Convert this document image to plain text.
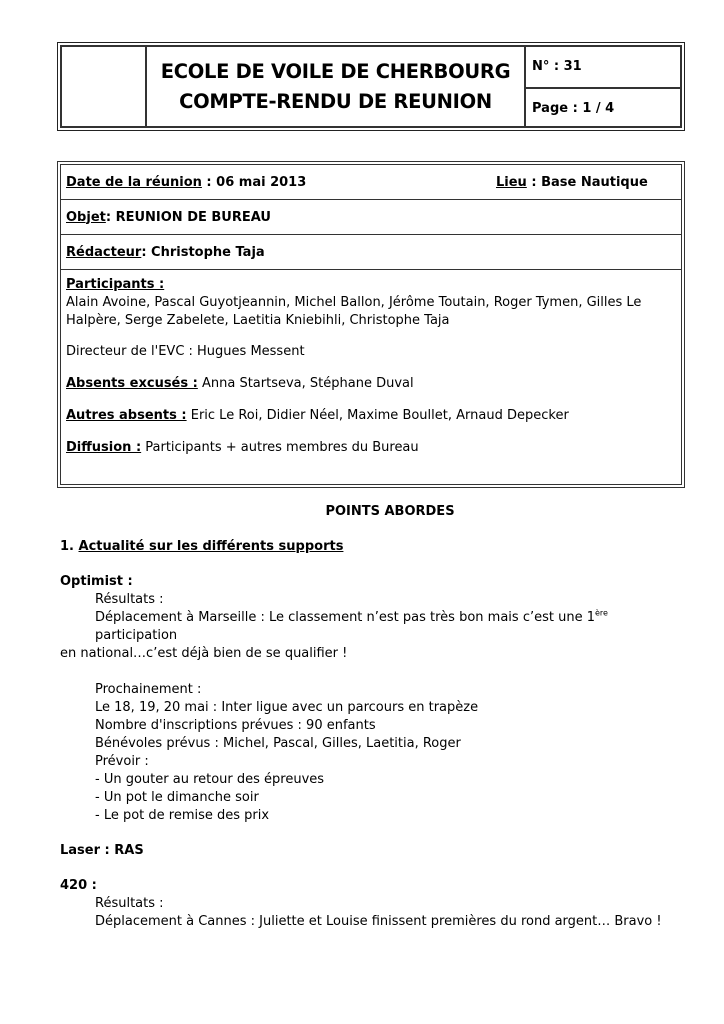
ECOLE DE VOILE DE CHERBOURG
COMPTE-RENDU DE REUNION
N° : 31
Page : 1 / 4
Date de la réunion : 06 mai 2013	Lieu : Base Nautique
Objet : REUNION DE BUREAU
Rédacteur : Christophe Taja

Participants :
Alain Avoine, Pascal Guyotjeannin, Michel Ballon, Jérôme Toutain, Roger Tymen, Gilles Le Halpère, Serge Zabelete, Laetitia Kniebihli, Christophe Taja

Directeur de l'EVC : Hugues Messent

Absents excusés : Anna Startseva, Stéphane Duval

Autres absents : Eric Le Roi, Didier Néel, Maxime Boullet, Arnaud Depecker

Diffusion : Participants + autres membres du Bureau

POINTS ABORDES
1. Actualité sur les différents supports
Optimist :
Résultats :
Déplacement à Marseille : Le classement n’est pas très bon mais c’est une 1ère participation
en national…c’est déjà bien de se qualifier !
Prochainement :
Le 18, 19, 20 mai : Inter ligue avec un parcours en trapèze
Nombre d'inscriptions prévues : 90 enfants
Bénévoles prévus : Michel, Pascal, Gilles, Laetitia, Roger
Prévoir :
- Un gouter au retour des épreuves
- Un pot le dimanche soir
- Le pot de remise des prix
Laser : RAS
420 :
Résultats :
Déplacement à Cannes : Juliette et Louise finissent premières du rond argent… Bravo !
